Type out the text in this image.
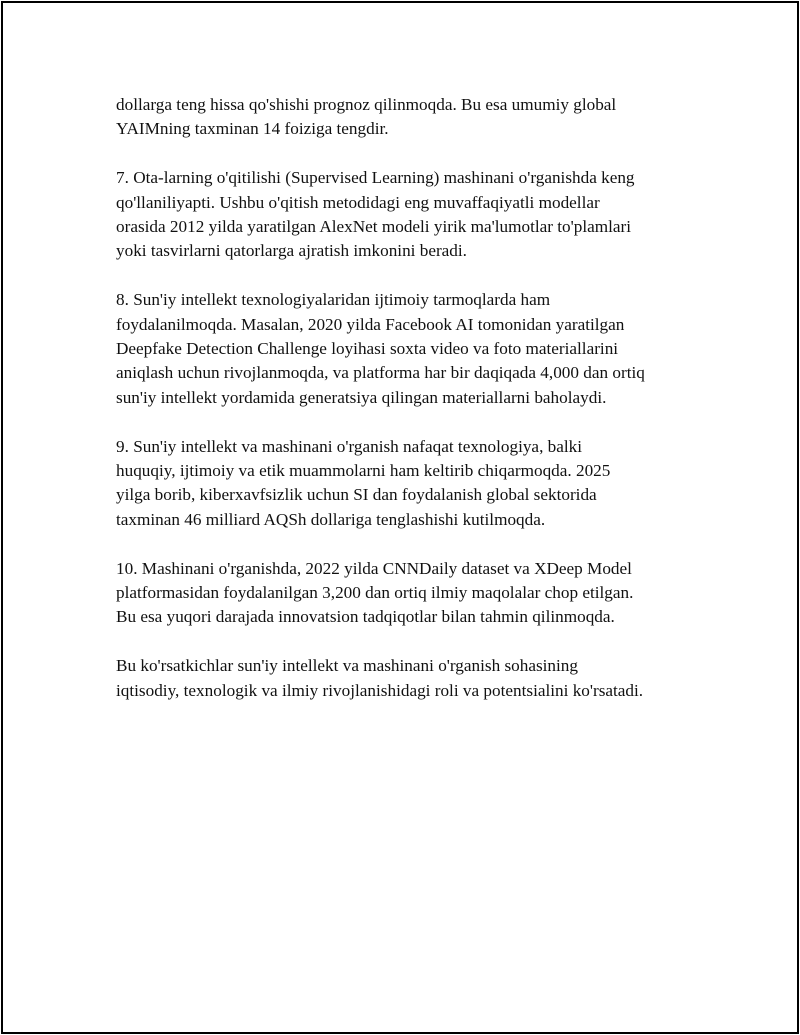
dollarga teng hissa qo'shishi prognoz qilinmoqda. Bu esa umumiy global
YAIMning taxminan 14 foiziga tengdir.

7. Ota-larning o'qitilishi (Supervised Learning) mashinani o'rganishda keng
qo'llaniliyapti. Ushbu o'qitish metodidagi eng muvaffaqiyatli modellar
orasida 2012 yilda yaratilgan AlexNet modeli yirik ma'lumotlar to'plamlari
yoki tasvirlarni qatorlarga ajratish imkonini beradi.

8. Sun'iy intellekt texnologiyalaridan ijtimoiy tarmoqlarda ham
foydalanilmoqda. Masalan, 2020 yilda Facebook AI tomonidan yaratilgan
Deepfake Detection Challenge loyihasi soxta video va foto materiallarini
aniqlash uchun rivojlanmoqda, va platforma har bir daqiqada 4,000 dan ortiq
sun'iy intellekt yordamida generatsiya qilingan materiallarni baholaydi.

9. Sun'iy intellekt va mashinani o'rganish nafaqat texnologiya, balki
huquqiy, ijtimoiy va etik muammolarni ham keltirib chiqarmoqda. 2025
yilga borib, kiberxavfsizlik uchun SI dan foydalanish global sektorida
taxminan 46 milliard AQSh dollariga tenglashishi kutilmoqda.

10. Mashinani o'rganishda, 2022 yilda CNNDaily dataset va XDeep Model
platformasidan foydalanilgan 3,200 dan ortiq ilmiy maqolalar chop etilgan.
Bu esa yuqori darajada innovatsion tadqiqotlar bilan tahmin qilinmoqda.

Bu ko'rsatkichlar sun'iy intellekt va mashinani o'rganish sohasining
iqtisodiy, texnologik va ilmiy rivojlanishidagi roli va potentsialini ko'rsatadi.
